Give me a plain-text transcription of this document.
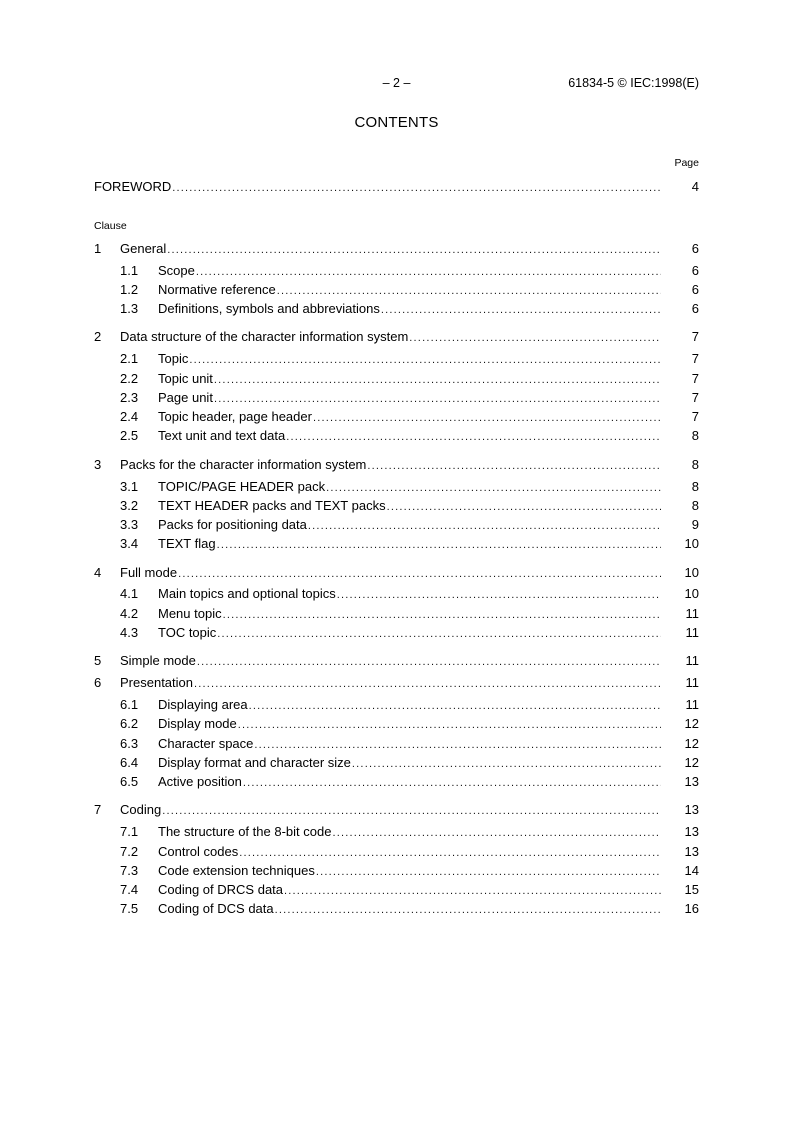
– 2 –	61834-5 © IEC:1998(E)
CONTENTS
Page
Clause
FOREWORD .....	4
1	General .....	6
1.1	Scope .....	6
1.2	Normative reference .....	6
1.3	Definitions, symbols and abbreviations .....	6
2	Data structure of the character information system .....	7
2.1	Topic .....	7
2.2	Topic unit .....	7
2.3	Page unit .....	7
2.4	Topic header, page header .....	7
2.5	Text unit and text data .....	8
3	Packs for the character information system .....	8
3.1	TOPIC/PAGE HEADER pack .....	8
3.2	TEXT HEADER packs and TEXT packs .....	8
3.3	Packs for positioning data .....	9
3.4	TEXT flag .....	10
4	Full mode .....	10
4.1	Main topics and optional topics .....	10
4.2	Menu topic .....	11
4.3	TOC topic .....	11
5	Simple mode .....	11
6	Presentation .....	11
6.1	Displaying area .....	11
6.2	Display mode .....	12
6.3	Character space .....	12
6.4	Display format and character size .....	12
6.5	Active position .....	13
7	Coding .....	13
7.1	The structure of the 8-bit code .....	13
7.2	Control codes .....	13
7.3	Code extension techniques .....	14
7.4	Coding of DRCS data .....	15
7.5	Coding of DCS data .....	16
